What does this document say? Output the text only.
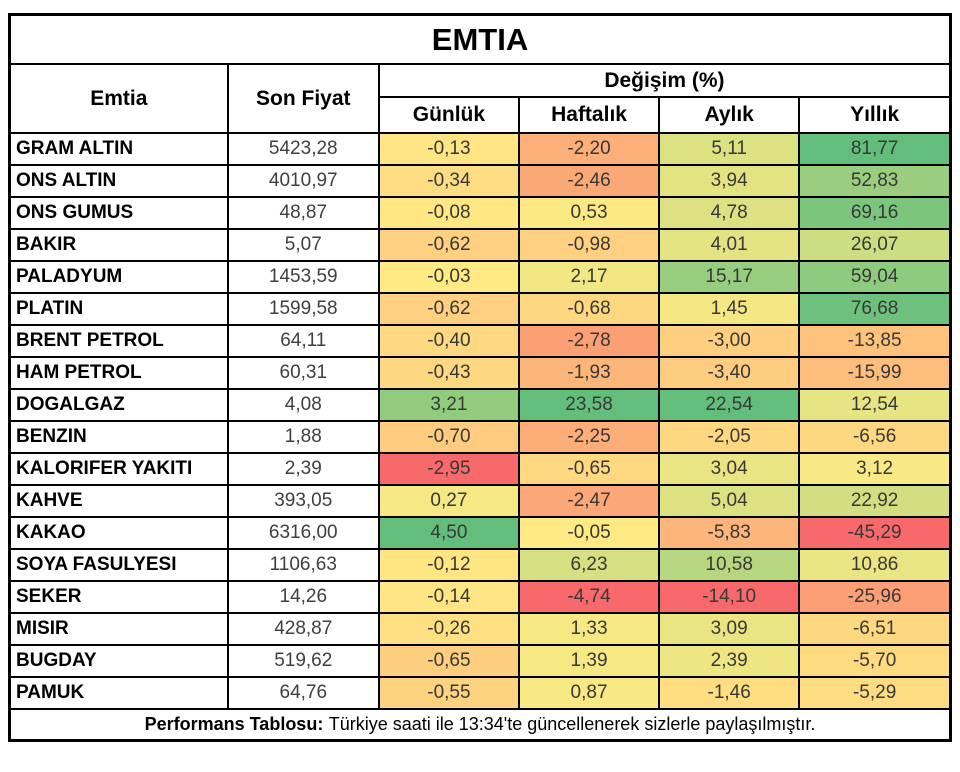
EMTIA					
Emtia	Son Fiyat	Değişim (%)			
		Günlük	Haftalık	Aylık	Yıllık
GRAM ALTIN	5423,28	-0,13	-2,20	5,11	81,77
ONS ALTIN	4010,97	-0,34	-2,46	3,94	52,83
ONS GUMUS	48,87	-0,08	0,53	4,78	69,16
BAKIR	5,07	-0,62	-0,98	4,01	26,07
PALADYUM	1453,59	-0,03	2,17	15,17	59,04
PLATIN	1599,58	-0,62	-0,68	1,45	76,68
BRENT PETROL	64,11	-0,40	-2,78	-3,00	-13,85
HAM PETROL	60,31	-0,43	-1,93	-3,40	-15,99
DOGALGAZ	4,08	3,21	23,58	22,54	12,54
BENZIN	1,88	-0,70	-2,25	-2,05	-6,56
KALORIFER YAKITI	2,39	-2,95	-0,65	3,04	3,12
KAHVE	393,05	0,27	-2,47	5,04	22,92
KAKAO	6316,00	4,50	-0,05	-5,83	-45,29
SOYA FASULYESI	1106,63	-0,12	6,23	10,58	10,86
SEKER	14,26	-0,14	-4,74	-14,10	-25,96
MISIR	428,87	-0,26	1,33	3,09	-6,51
BUGDAY	519,62	-0,65	1,39	2,39	-5,70
PAMUK	64,76	-0,55	0,87	-1,46	-5,29
Performans Tablosu: Türkiye saati ile 13:34'te güncellenerek sizlerle paylaşılmıştır.					
